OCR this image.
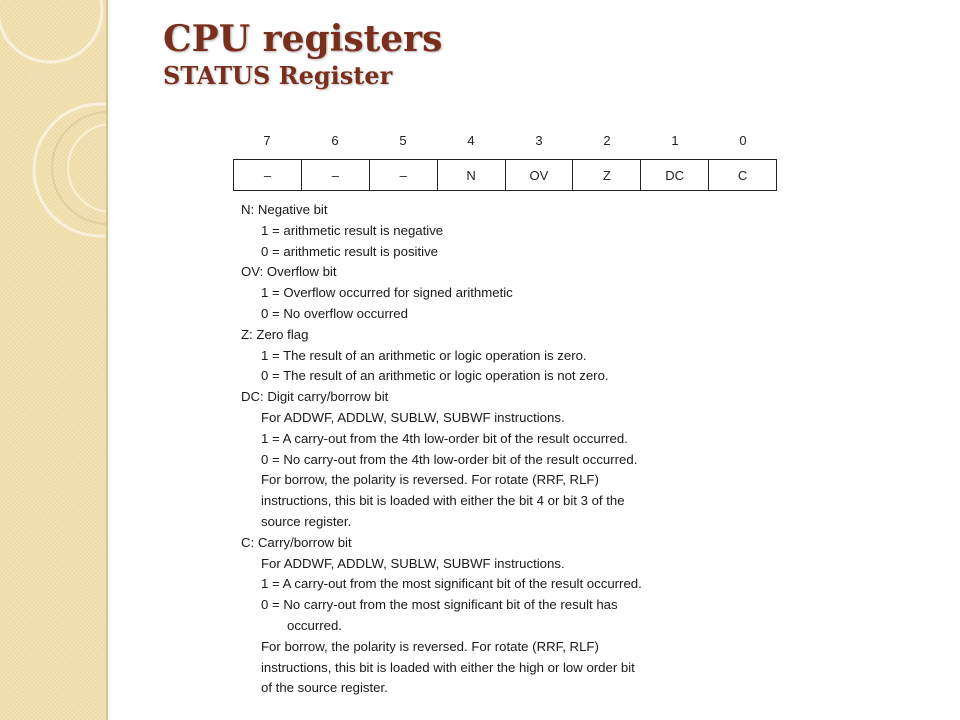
CPU registers
STATUS Register
7	6	5	4	3	2	1	0
–	–	–	N	OV	Z	DC	C
N: Negative bit
1 = arithmetic result is negative
0 = arithmetic result is positive
OV: Overflow bit
1 = Overflow occurred for signed arithmetic
0 = No overflow occurred
Z: Zero flag
1 = The result of an arithmetic or logic operation is zero.
0 = The result of an arithmetic or logic operation is not zero.
DC: Digit carry/borrow bit
For ADDWF, ADDLW, SUBLW, SUBWF instructions.
1 = A carry-out from the 4th low-order bit of the result occurred.
0 = No carry-out from the 4th low-order bit of the result occurred.
For borrow, the polarity is reversed. For rotate (RRF, RLF)
instructions, this bit is loaded with either the bit 4 or bit 3 of the
source register.
C: Carry/borrow bit
For ADDWF, ADDLW, SUBLW, SUBWF instructions.
1 = A carry-out from the most significant bit of the result occurred.
0 = No carry-out from the most significant bit of the result has
occurred.
For borrow, the polarity is reversed. For rotate (RRF, RLF)
instructions, this bit is loaded with either the high or low order bit
of the source register.
